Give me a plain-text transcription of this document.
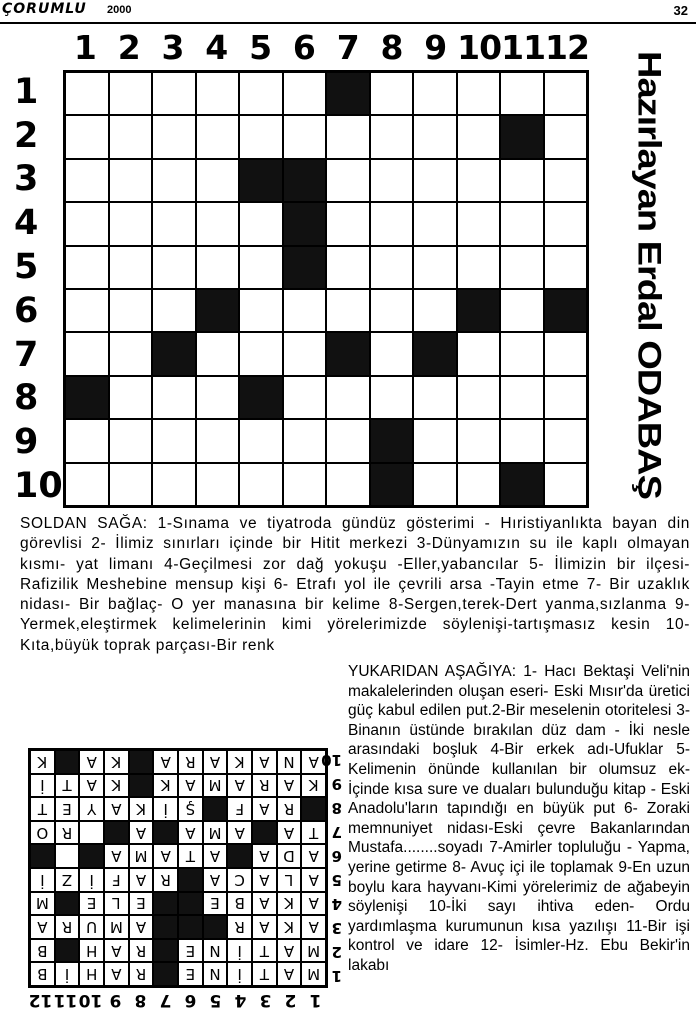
ÇORUMLU 2000	32
1 2 3 4 5 6 7 8 9 10 11 12
1
2
3
4
5
6
7
8
9
10	Hazırlayan Erdal ODABAŞ
SOLDAN SAĞA: 1-Sınama ve tiyatroda gündüz gösterimi - Hıristiyanlıkta bayan din görevlisi 2- İlimiz sınırları içinde bir Hitit merkezi 3-Dünyamızın su ile kaplı olmayan kısmı- yat limanı 4-Geçilmesi zor dağ yokuşu -Eller,yabancılar 5- İlimizin bir ilçesi- Rafizilik Meshebine mensup kişi 6- Etrafı yol ile çevrili arsa -Tayin etme 7- Bir uzaklık nidası- Bir bağlaç- O yer manasına bir kelime 8-Sergen,terek-Dert yanma,sızlanma 9- Yermek,eleştirmek kelimelerinin kimi yörelerimizde söylenişi-tartışmasız kesin 10- Kıta,büyük toprak parçası-Bir renk
YUKARIDAN AŞAĞIYA: 1- Hacı Bektaşi Veli'nin makalelerinden oluşan eseri- Eski Mısır'da üretici güç kabul edilen put.2-Bir meselenin otoritelesi 3-Binanın üstünde bırakılan düz dam - İki nesle arasındaki boşluk 4-Bir erkek adı-Ufuklar 5-Kelimenin önünde kullanılan bir olumsuz ek- İçinde kısa sure ve duaları bulunduğu kitap - Eski Anadolu'ların tapındığı en büyük put 6- Zoraki memnuniyet nidası-Eski çevre Bakanlarından Mustafa........soyadı 7-Amirler topluluğu - Yapma, yerine getirme 8- Avuç içi ile toplamak 9-En uzun boylu kara hayvanı-Kimi yörelerimiz de ağabeyin söylenişi 10-İki sayı ihtiva eden- Ordu yardımlaşma kurumunun kısa yazılışı 11-Bir işi kontrol ve idare 12- İsimler-Hz. Ebu Bekir'in lakabı
1
2
3
4
5
6
7
8
9
10
11
12
1
2
3
4
5
6
7
8
9
10
M
A
T
İ
N
E
R
A
H
İ
B
M
A
T
İ
N
E
R
A
H
B
A
K
A
R
A
M
U
R
A
A
K
A
B
E
E
L
E
M
A
L
A
C
A
R
A
F
İ
Z
İ
A
D
A
A
T
A
M
A
T
A
A
M
A
A
R
O
R
A
F
Ş
İ
K
A
Y
E
T
K
A
R
A
M
A
K
K
A
T
İ
A
N
A
K
A
R
A
K
A
K
